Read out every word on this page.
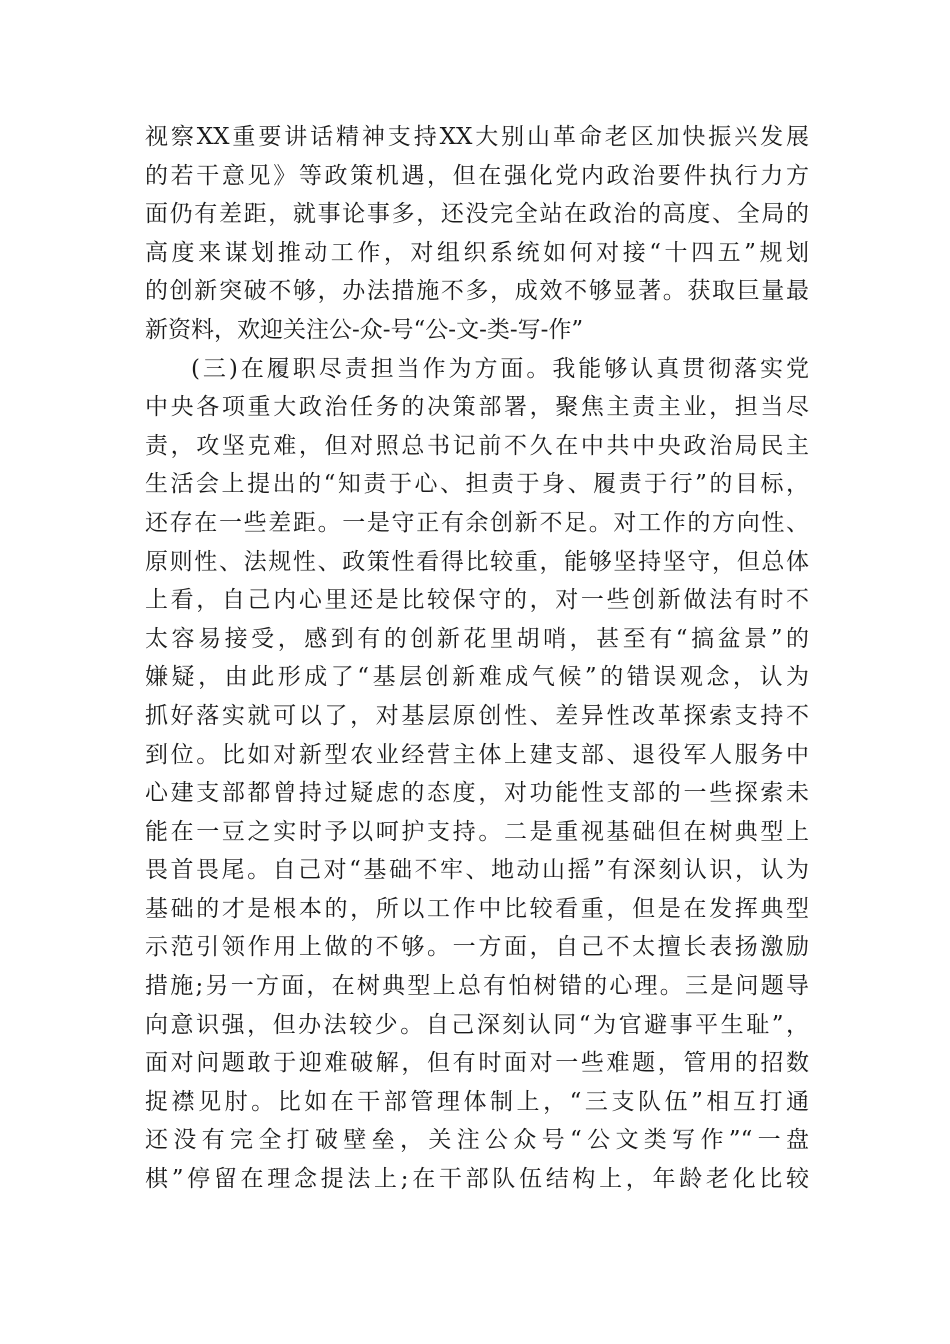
视察XX重要讲话精神支持XX大别山革命老区加快振兴发展
的若干意见》等政策机遇，但在强化党内政治要件执行力方
面仍有差距，就事论事多，还没完全站在政治的高度、全局的
高度来谋划推动工作，对组织系统如何对接“十四五”规划
的创新突破不够，办法措施不多，成效不够显著。获取巨量最
新资料，欢迎关注公-众-号“公-文-类-写-作”
(三)在履职尽责担当作为方面。我能够认真贯彻落实党
中央各项重大政治任务的决策部署，聚焦主责主业，担当尽
责，攻坚克难，但对照总书记前不久在中共中央政治局民主
生活会上提出的“知责于心、担责于身、履责于行”的目标，
还存在一些差距。一是守正有余创新不足。对工作的方向性、
原则性、法规性、政策性看得比较重，能够坚持坚守，但总体
上看，自己内心里还是比较保守的，对一些创新做法有时不
太容易接受，感到有的创新花里胡哨，甚至有“搞盆景”的
嫌疑，由此形成了“基层创新难成气候”的错误观念，认为
抓好落实就可以了，对基层原创性、差异性改革探索支持不
到位。比如对新型农业经营主体上建支部、退役军人服务中
心建支部都曾持过疑虑的态度，对功能性支部的一些探索未
能在一豆之实时予以呵护支持。二是重视基础但在树典型上
畏首畏尾。自己对“基础不牢、地动山摇”有深刻认识，认为
基础的才是根本的，所以工作中比较看重，但是在发挥典型
示范引领作用上做的不够。一方面，自己不太擅长表扬激励
措施;另一方面，在树典型上总有怕树错的心理。三是问题导
向意识强，但办法较少。自己深刻认同“为官避事平生耻”，
面对问题敢于迎难破解，但有时面对一些难题，管用的招数
捉襟见肘。比如在干部管理体制上，“三支队伍”相互打通
还没有完全打破壁垒，关注公众号“公文类写作”“一盘
棋”停留在理念提法上;在干部队伍结构上，年龄老化比较
